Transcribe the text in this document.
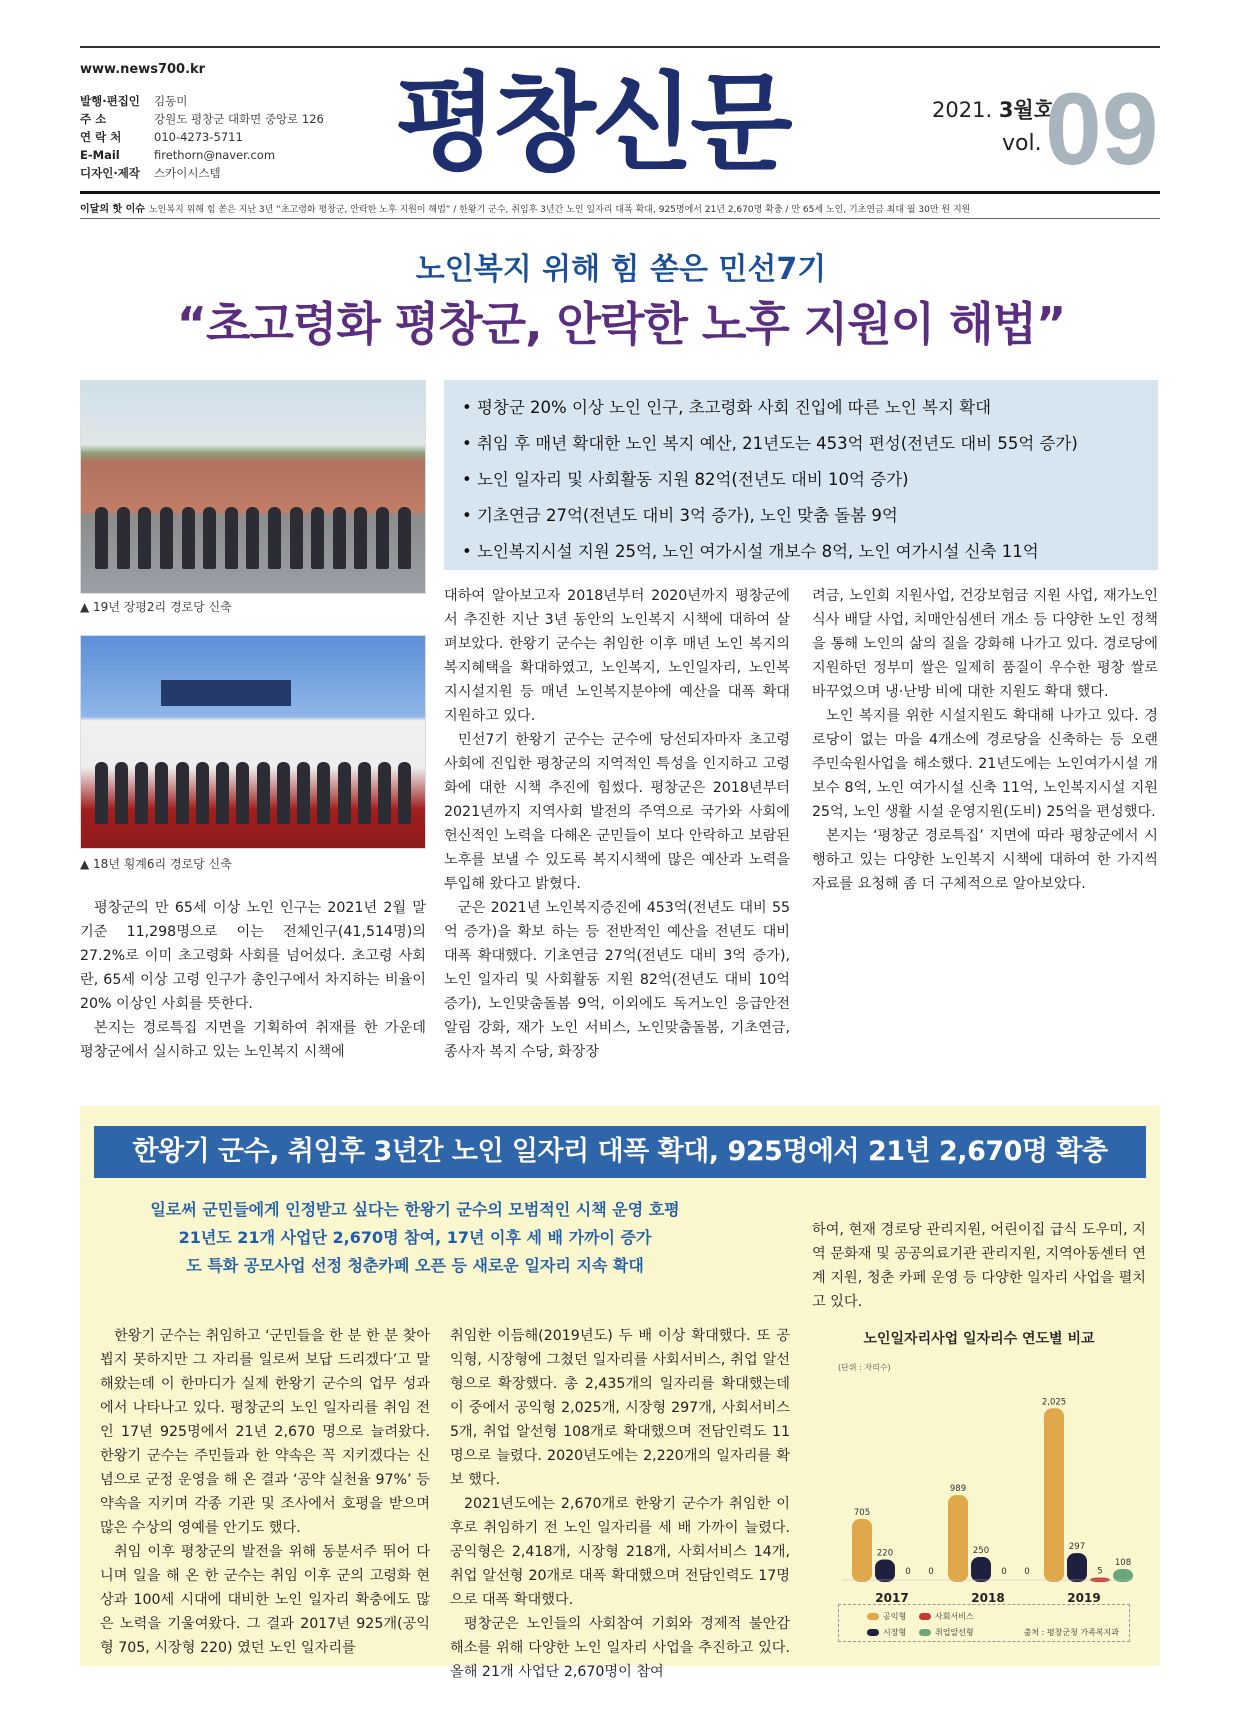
www.news700.kr
발행·편집인	김동미
주 소	강원도 평창군 대화면 중앙로 126
연 락 처	010-4273-5711
E-Mail	firethorn@naver.com
디자인·제작	스카이시스템 평창신문	2021. 3월호
vol. 09
이달의 핫 이슈 노인복지 위해 힘 쏟은 지난 3년 “초고령화 평창군, 안락한 노후 지원이 해법” / 한왕기 군수, 취임후 3년간 노인 일자리 대폭 확대, 925명에서 21년 2,670명 확충 / 만 65세 노인, 기초연금 최대 월 30만 원 지원
노인복지 위해 힘 쏟은 민선7기
“초고령화 평창군, 안락한 노후 지원이 해법”
▲ 19년 장평2리 경로당 신축
▲ 18년 횡계6리 경로당 신축
• 평창군 20% 이상 노인 인구, 초고령화 사회 진입에 따른 노인 복지 확대
• 취임 후 매년 확대한 노인 복지 예산, 21년도는 453억 편성(전년도 대비 55억 증가)
• 노인 일자리 및 사회활동 지원 82억(전년도 대비 10억 증가)
• 기초연금 27억(전년도 대비 3억 증가), 노인 맞춤 돌봄 9억
• 노인복지시설 지원 25억, 노인 여가시설 개보수 8억, 노인 여가시설 신축 11억

평창군의 만 65세 이상 노인 인구는 2021년 2월 말 기준 11,298명으로 이는 전체인구(41,514명)의 27.2%로 이미 초고령화 사회를 넘어섰다. 초고령 사회란, 65세 이상 고령 인구가 총인구에서 차지하는 비율이 20% 이상인 사회를 뜻한다.

본지는 경로특집 지면을 기획하여 취재를 한 가운데 평창군에서 실시하고 있는 노인복지 시책에

대하여 알아보고자 2018년부터 2020년까지 평창군에서 추진한 지난 3년 동안의 노인복지 시책에 대하여 살펴보았다. 한왕기 군수는 취임한 이후 매년 노인 복지의 복지혜택을 확대하였고, 노인복지, 노인일자리, 노인복지시설지원 등 매년 노인복지분야에 예산을 대폭 확대 지원하고 있다.

민선7기 한왕기 군수는 군수에 당선되자마자 초고령사회에 진입한 평창군의 지역적인 특성을 인지하고 고령화에 대한 시책 추진에 힘썼다. 평창군은 2018년부터 2021년까지 지역사회 발전의 주역으로 국가와 사회에 헌신적인 노력을 다해온 군민들이 보다 안락하고 보람된 노후를 보낼 수 있도록 복지시책에 많은 예산과 노력을 투입해 왔다고 밝혔다.

군은 2021년 노인복지증진에 453억(전년도 대비 55억 증가)을 확보 하는 등 전반적인 예산을 전년도 대비 대폭 확대했다. 기초연금 27억(전년도 대비 3억 증가), 노인 일자리 및 사회활동 지원 82억(전년도 대비 10억 증가), 노인맞춤돌봄 9억, 이외에도 독거노인 응급안전 알림 강화, 재가 노인 서비스, 노인맞춤돌봄, 기초연금, 종사자 복지 수당, 화장장

려금, 노인회 지원사업, 건강보험금 지원 사업, 재가노인식사 배달 사업, 치매안심센터 개소 등 다양한 노인 정책을 통해 노인의 삶의 질을 강화해 나가고 있다. 경로당에 지원하던 정부미 쌀은 일제히 품질이 우수한 평창 쌀로 바꾸었으며 냉·난방 비에 대한 지원도 확대 했다.

노인 복지를 위한 시설지원도 확대해 나가고 있다. 경로당이 없는 마을 4개소에 경로당을 신축하는 등 오랜 주민숙원사업을 해소했다. 21년도에는 노인여가시설 개보수 8억, 노인 여가시설 신축 11억, 노인복지시설 지원 25억, 노인 생활 시설 운영지원(도비) 25억을 편성했다.

본지는 ‘평창군 경로특집’ 지면에 따라 평창군에서 시행하고 있는 다양한 노인복지 시책에 대하여 한 가지씩 자료를 요청해 좀 더 구체적으로 알아보았다.

한왕기 군수, 취임후 3년간 노인 일자리 대폭 확대, 925명에서 21년 2,670명 확충
일로써 군민들에게 인정받고 싶다는 한왕기 군수의 모범적인 시책 운영 호평
21년도 21개 사업단 2,670명 참여, 17년 이후 세 배 가까이 증가
도 특화 공모사업 선정 청춘카페 오픈 등 새로운 일자리 지속 확대

한왕기 군수는 취임하고 ‘군민들을 한 분 한 분 찾아뵙지 못하지만 그 자리를 일로써 보답 드리겠다’고 말해왔는데 이 한마디가 실제 한왕기 군수의 업무 성과에서 나타나고 있다. 평창군의 노인 일자리를 취임 전인 17년 925명에서 21년 2,670 명으로 늘려왔다. 한왕기 군수는 주민들과 한 약속은 꼭 지키겠다는 신념으로 군정 운영을 해 온 결과 ‘공약 실천율 97%’ 등 약속을 지키며 각종 기관 및 조사에서 호평을 받으며 많은 수상의 영예를 안기도 했다.

취임 이후 평창군의 발전을 위해 동분서주 뛰어 다니며 일을 해 온 한 군수는 취임 이후 군의 고령화 현상과 100세 시대에 대비한 노인 일자리 확충에도 많은 노력을 기울여왔다. 그 결과 2017년 925개(공익형 705, 시장형 220) 였던 노인 일자리를

취임한 이듬해(2019년도) 두 배 이상 확대했다. 또 공익형, 시장형에 그쳤던 일자리를 사회서비스, 취업 알선형으로 확장했다. 총 2,435개의 일자리를 확대했는데 이 중에서 공익형 2,025개, 시장형 297개, 사회서비스 5개, 취업 알선형 108개로 확대했으며 전담인력도 11명으로 늘렸다. 2020년도에는 2,220개의 일자리를 확보 했다.

2021년도에는 2,670개로 한왕기 군수가 취임한 이후로 취임하기 전 노인 일자리를 세 배 가까이 늘렸다. 공익형은 2,418개, 시장형 218개, 사회서비스 14개, 취업 알선형 20개로 대폭 확대했으며 전담인력도 17명으로 대폭 확대했다.

평창군은 노인들의 사회참여 기회와 경제적 불안감 해소를 위해 다양한 노인 일자리 사업을 추진하고 있다. 올해 21개 사업단 2,670명이 참여

하여, 현재 경로당 관리지원, 어린이집 급식 도우미, 지역 문화재 및 공공의료기관 관리지원, 지역아동센터 연계 지원, 청춘 카페 운영 등 다양한 일자리 사업을 펼치고 있다.

노인일자리사업 일자리수 연도별 비교
(단위 : 자리수)
705
220
0 0
2017
989
250
0 0
2018
2,025
297
5
108
2019
공익형	사회서비스
시장형	취업알선형	출처 : 평창군청 가족복지과
